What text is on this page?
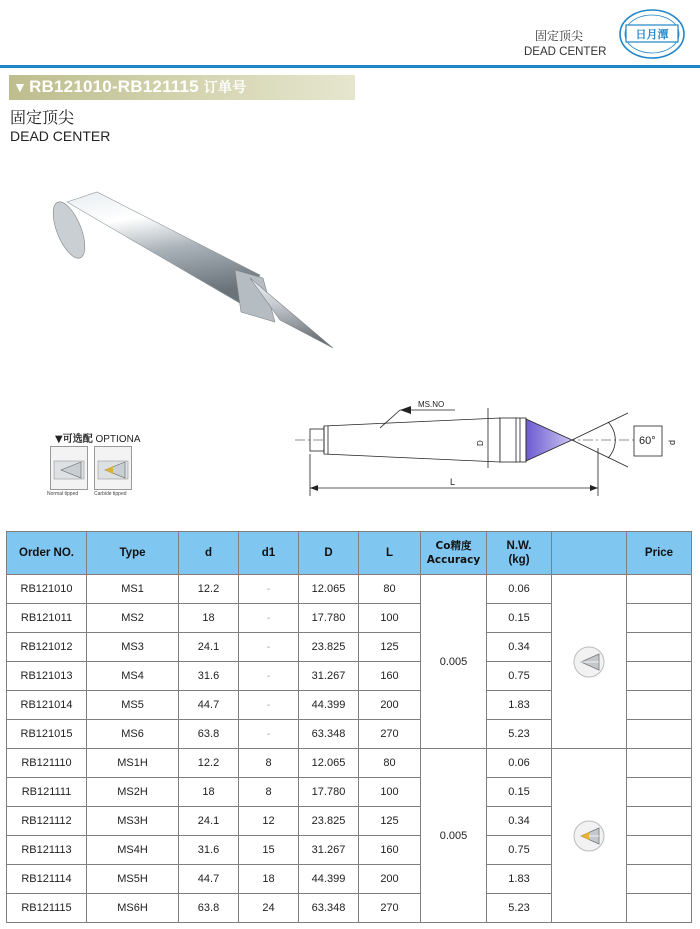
固定顶尖
DEAD CENTER
日月潭
▼ RB121010-RB121115 订单号
固定顶尖
DEAD CENTER
▼可选配 OPTIONA
Normal tipped	Carbide tipped
MS.NO
D	60° d
L
Order NO.	Type	d	d1	D	L	Co精度
Accuracy	N.W.
(kg)		Price
RB121010	MS1	12.2	-	12.065	80	0.005	0.06	

RB121011	MS2	18	-	17.780	100		0.15		
RB121012	MS3	24.1	-	23.825	125		0.34		
RB121013	MS4	31.6	-	31.267	160		0.75		
RB121014	MS5	44.7	-	44.399	200		1.83		
RB121015	MS6	63.8	-	63.348	270		5.23		
RB121110	MS1H	12.2	8	12.065	80	0.005	0.06	

RB121111	MS2H	18	8	17.780	100		0.15		
RB121112	MS3H	24.1	12	23.825	125		0.34		
RB121113	MS4H	31.6	15	31.267	160		0.75		
RB121114	MS5H	44.7	18	44.399	200		1.83		
RB121115	MS6H	63.8	24	63.348	270		5.23		
